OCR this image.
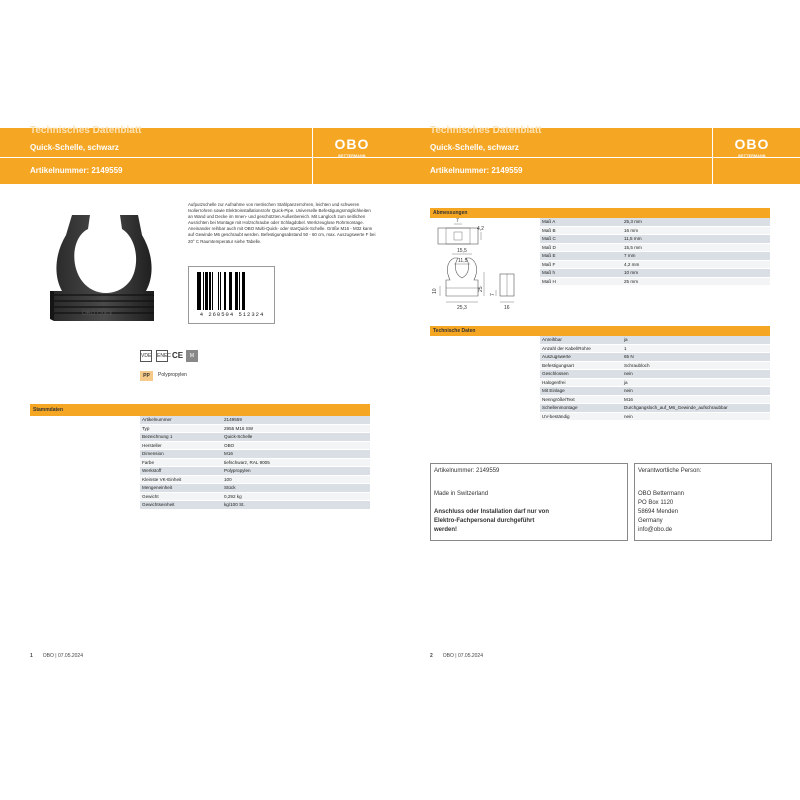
Technisches Datenblatt
Quick-Schelle, schwarz
Artikelnummer: 2149559
OBO
BETTERMANN
OBO Quick
Aufputzschelle zur Aufnahme von metrischen Stahlpanzerrohren, leichten und schweren Isolierrohren sowie Elektroinstallationsrohr Quick-Pipe. Universelle Befestigungsmöglichkeiten an Wand und Decke im Innen- und geschützten Außenbereich. Mit Langloch zum seitlichen Ausrichten bei Montage mit Holzschraube oder Schlagdübel. Werkzeuglose Rohrmontage. Aneinander reihbar auch mit OBO Multi-Quick- oder starQuick-Schelle. Größe M16 - M32 kann auf Gewinde M6 geschraubt werden. Befestigungsabstand 50 - 60 cm, max. Auszugswerte F bei 20° C Raumtemperatur siehe Tabelle.
4 260504 512324
VDE ENEC CE	M
PP	Polypropylen
Stammdaten
Artikelnummer	2149559
Typ	2955 M16 SW
Bezeichnung 1	Quick-Schelle
Hersteller	OBO
Dimension	M16
Farbe	tiefschwarz, RAL 9005
Werkstoff	Polypropylen
Kleinste VK-Einheit	100
Mengeneinheit	Stück
Gewicht	0,292 kg
Gewichtseinheit	kg/100 St.
1 OBO | 07.05.2024
Technisches Datenblatt
Quick-Schelle, schwarz
Artikelnummer: 2149559
OBO
BETTERMANN
Abmessungen
Maß A	25,3 mm
Maß B	16 mm
Maß C	11,5 mm
Maß D	15,5 mm
Maß E	7 mm
Maß F	4,2 mm
Maß h	10 mm
Maß H	25 mm
7
4,2
15,5
11,5
10	25
7
25,3	16
Technische Daten
Anreihbar	ja
Anzahl der Kabel/Rohre	1
Auszugswerte	65 N
Befestigungsart	Schraubloch
Geschlossen	nein
Halogenfrei	ja
Mit Einlage	nein
Nenngröße/Text	M16
Schellenmontage	Durchgangsloch_auf_M6_Gewinde_aufschraubbar
UV-beständig	nein
Artikelnummer: 2149559
Made in Switzerland
Anschluss oder Installation darf nur von
Elektro-Fachpersonal durchgeführt
werden!
Verantwortliche Person:
OBO Bettermann
PO Box 1120
58694 Menden
Germany
info@obo.de
2 OBO | 07.05.2024
